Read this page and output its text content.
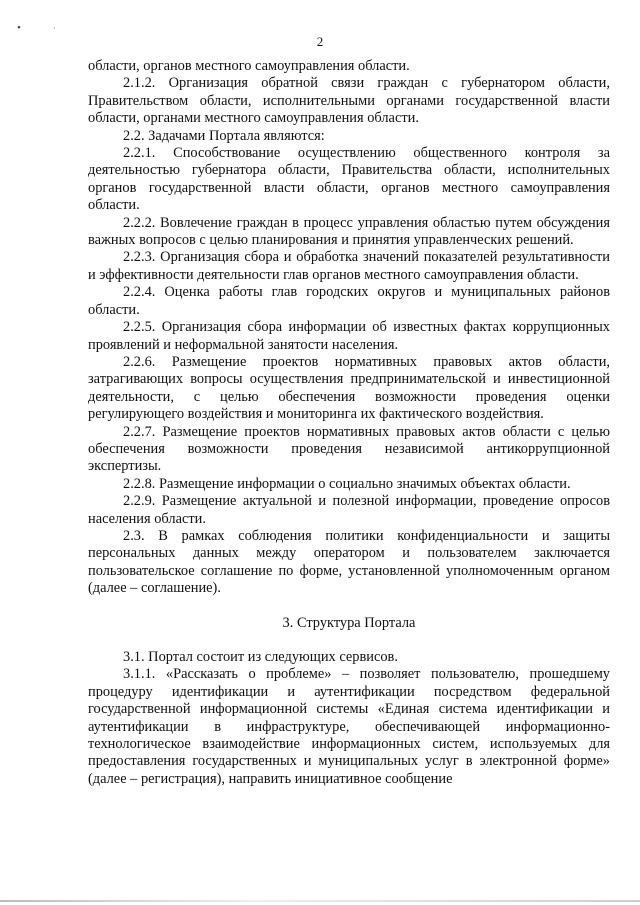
•	·
2

области, органов местного самоуправления области.

2.1.2. Организация обратной связи граждан с губернатором области, Правительством области, исполнительными органами государственной власти области, органами местного самоуправления области.

2.2. Задачами Портала являются:

2.2.1. Способствование осуществлению общественного контроля за деятельностью губернатора области, Правительства области, исполнительных органов государственной власти области, органов местного самоуправления области.

2.2.2. Вовлечение граждан в процесс управления областью путем обсуждения важных вопросов с целью планирования и принятия управленческих решений.

2.2.3. Организация сбора и обработка значений показателей результативности и эффективности деятельности глав органов местного самоуправления области.

2.2.4. Оценка работы глав городских округов и муниципальных районов области.

2.2.5. Организация сбора информации об известных фактах коррупционных проявлений и неформальной занятости населения.

2.2.6. Размещение проектов нормативных правовых актов области, затрагивающих вопросы осуществления предпринимательской и инвестиционной деятельности, с целью обеспечения возможности проведения оценки регулирующего воздействия и мониторинга их фактического воздействия.

2.2.7. Размещение проектов нормативных правовых актов области с целью обеспечения возможности проведения независимой антикоррупционной экспертизы.

2.2.8. Размещение информации о социально значимых объектах области.

2.2.9. Размещение актуальной и полезной информации, проведение опросов населения области.

2.3. В рамках соблюдения политики конфиденциальности и защиты персональных данных между оператором и пользователем заключается пользовательское соглашение по форме, установленной уполномоченным органом (далее – соглашение).

3. Структура Портала

3.1. Портал состоит из следующих сервисов.

3.1.1. «Рассказать о проблеме» – позволяет пользователю, прошедшему процедуру идентификации и аутентификации посредством федеральной государственной информационной системы «Единая система идентификации и аутентификации в инфраструктуре, обеспечивающей информационно-технологическое взаимодействие информационных систем, используемых для предоставления государственных и муниципальных услуг в электронной форме» (далее – регистрация), направить инициативное сообщение
